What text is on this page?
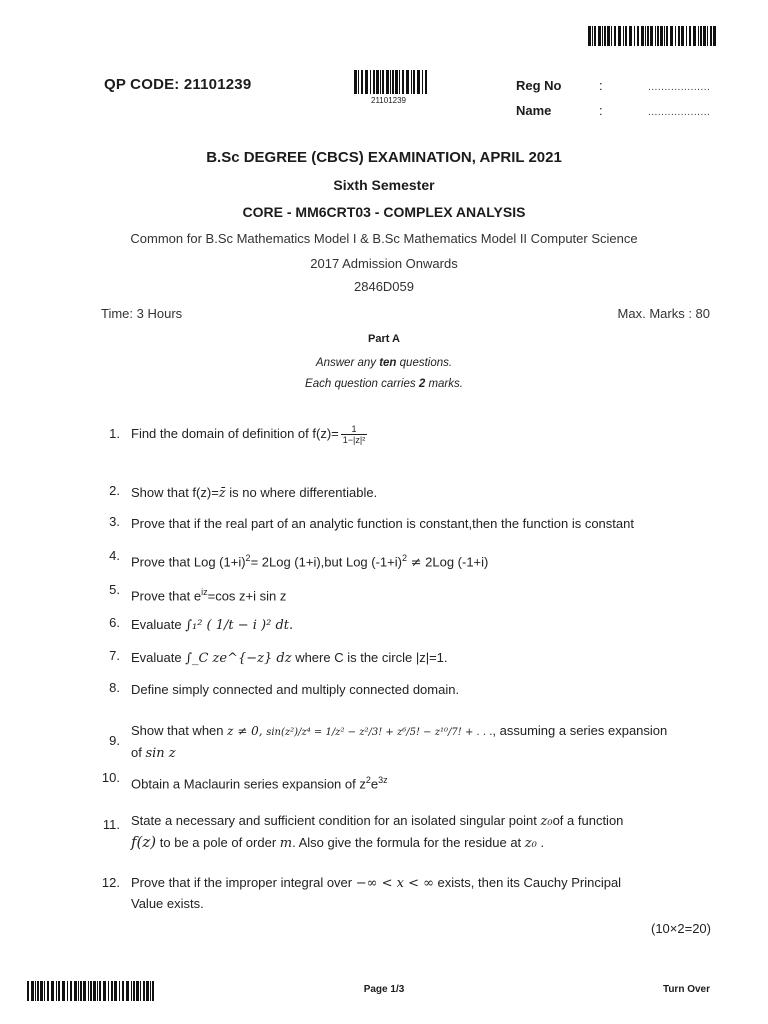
QP CODE: 21101239
21101239
Reg No	:	...................
Name	:	...................
B.Sc DEGREE (CBCS) EXAMINATION, APRIL 2021
Sixth Semester
CORE - MM6CRT03 - COMPLEX ANALYSIS
Common for B.Sc Mathematics Model I & B.Sc Mathematics Model II Computer Science
2017 Admission Onwards
2846D059
Time: 3 Hours	Max. Marks : 80
Part A
Answer any ten questions.
Each question carries 2 marks.
1. Find the domain of definition of $f(z)= \frac{1}{\text{1−|z|²}}$
2. Show that f(z)=z̄ is no where differentiable.
3. Prove that if the real part of an analytic function is constant,then the function is constant
4. Prove that Log $(1+i)^2= 2Log$ (1+i),but Log $(-1+i)^2 \ne 2Log$ (-1+i)
5. Prove that $e^{iz}=\cos$ z+i sin z
6. Evaluate ∫₁² ( 1/t − i )² dt.
7. Evaluate ∫_C ze^{−z} dz where C is the circle |z|=1.
8. Define simply connected and multiply connected domain.
9.
Show that when z ≠ 0, sin(z²)/z⁴ = 1/z² − z²/3! + z⁶/5! − z¹⁰/7! + . . ., assuming a series expansion
of sin z
10. Obtain a Maclaurin series expansion of $z^2e^{3z}$
11. State a necessary and sufficient condition for an isolated singular point z₀of a function
f(z) to be a pole of order m. Also give the formula for the residue at z₀ .
12. Prove that if the improper integral over −∞ < x < ∞ exists, then its Cauchy Principal
Value exists.
(10×2=20)
Page 1/3	Turn Over
